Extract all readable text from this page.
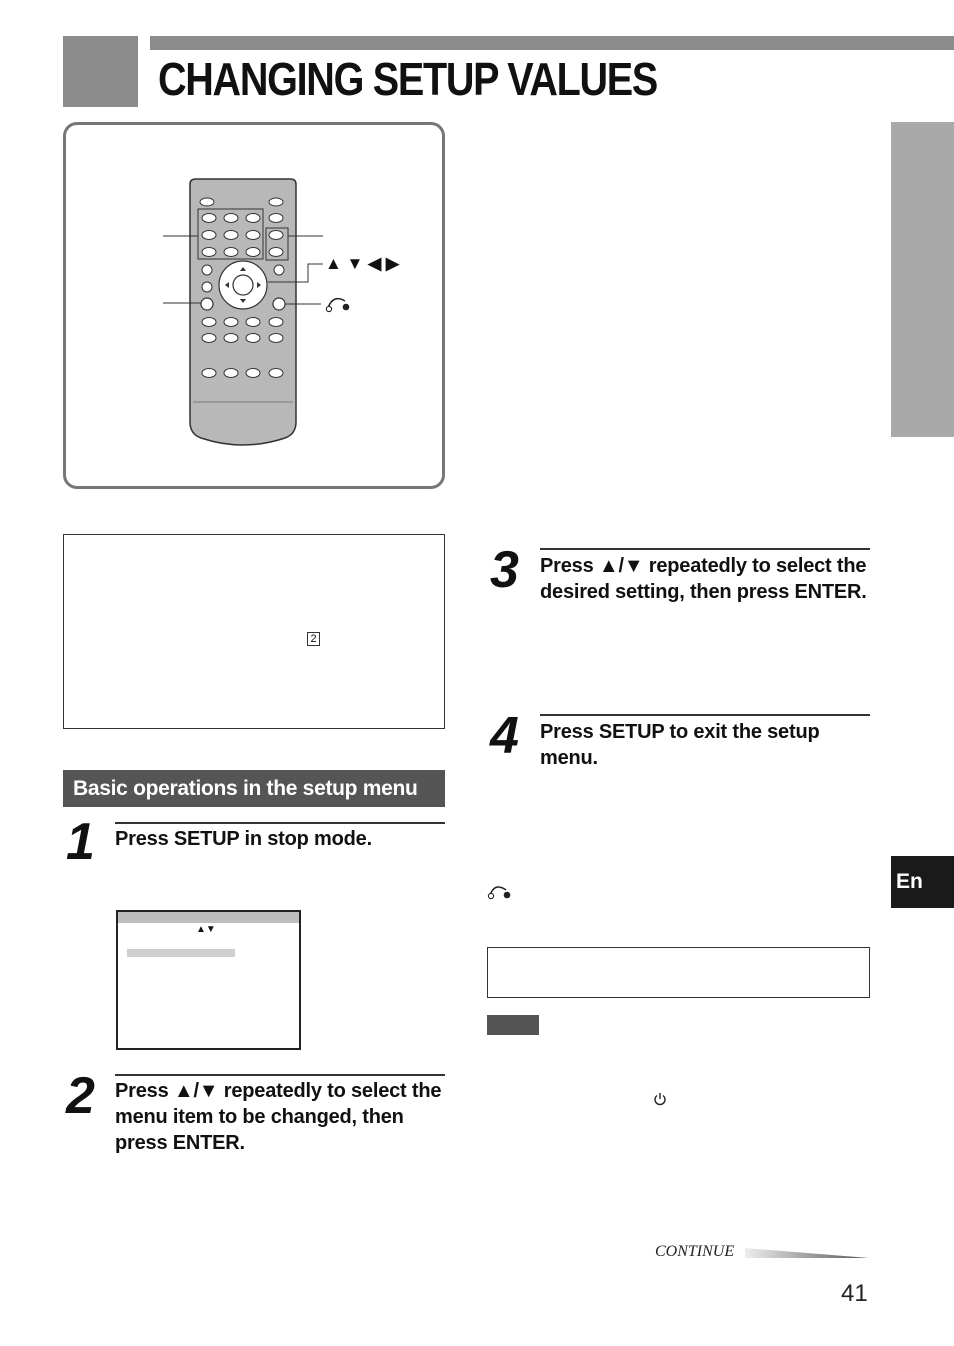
CHANGING SETUP VALUES
En
▲ ▼ ◀ ▶
2
Basic operations in the setup menu
1 Press SETUP in stop mode.
▲▼
2 Press ▲/▼ repeatedly to select the menu item to be changed, then press ENTER.
3 Press ▲/▼ repeatedly to select the desired setting, then press ENTER.
4 Press SETUP to exit the setup menu.
CONTINUE
41
